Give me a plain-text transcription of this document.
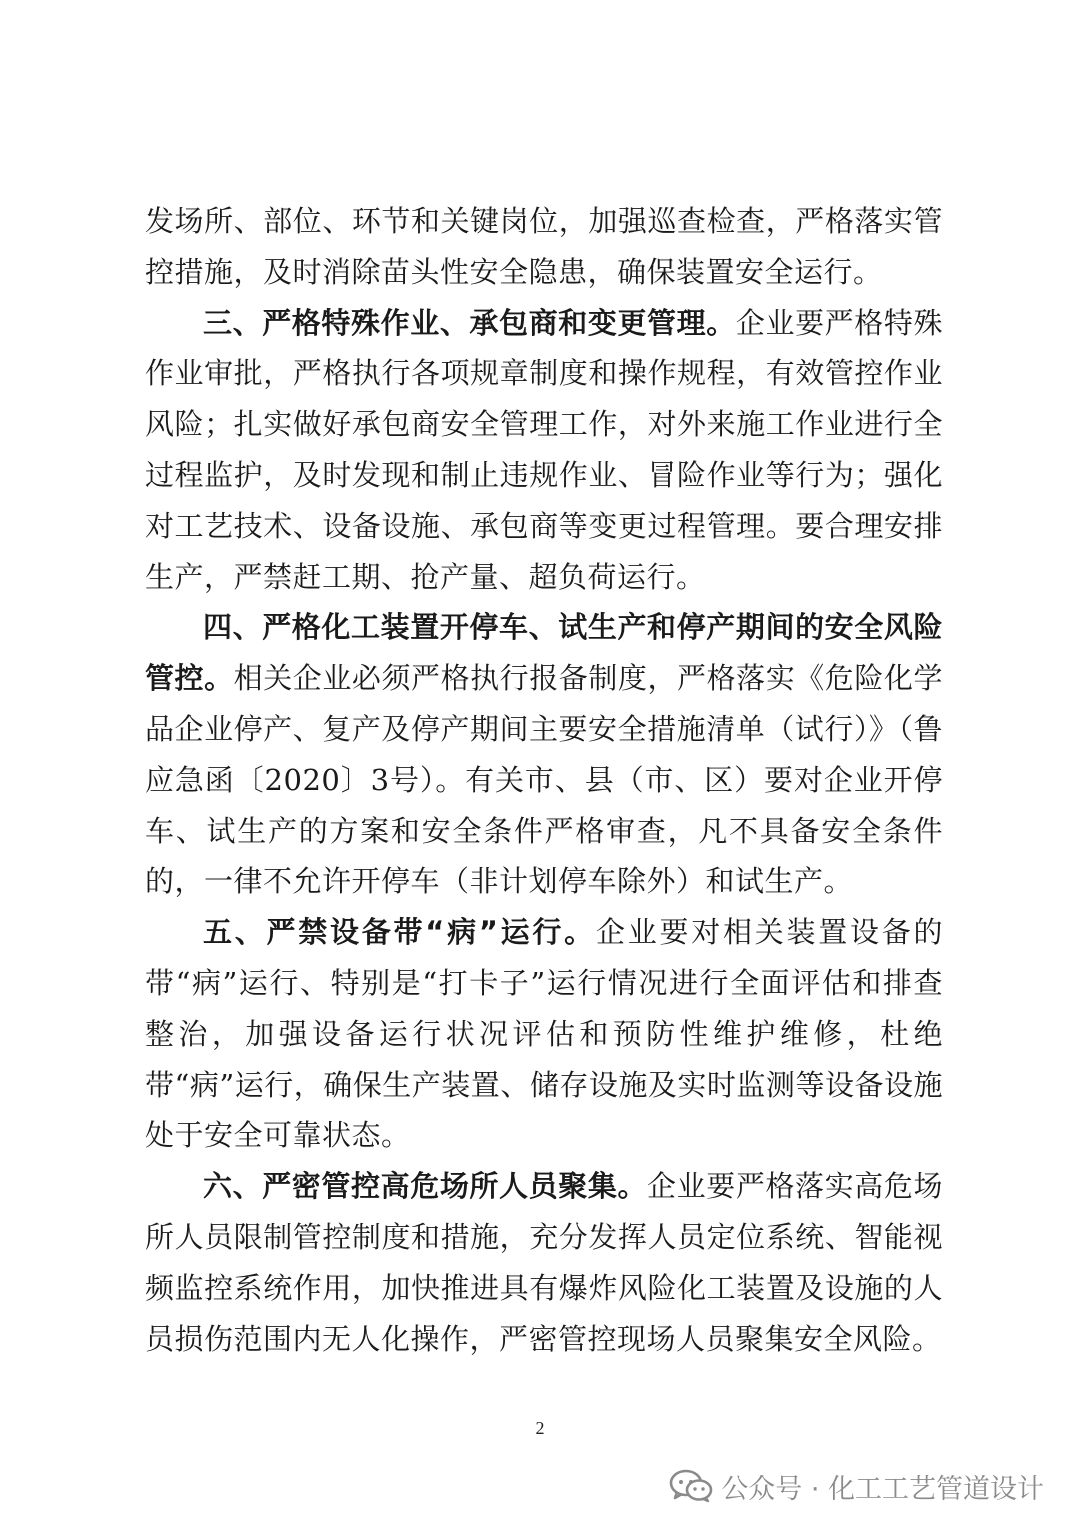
发场所、部位、环节和关键岗位，加强巡查检查，严格落实管控措施，及时消除苗头性安全隐患，确保装置安全运行。

三、严格特殊作业、承包商和变更管理。企业要严格特殊作业审批，严格执行各项规章制度和操作规程，有效管控作业风险；扎实做好承包商安全管理工作，对外来施工作业进行全过程监护，及时发现和制止违规作业、冒险作业等行为；强化对工艺技术、设备设施、承包商等变更过程管理。要合理安排生产，严禁赶工期、抢产量、超负荷运行。

四、严格化工装置开停车、试生产和停产期间的安全风险管控。相关企业必须严格执行报备制度，严格落实《危险化学品企业停产、复产及停产期间主要安全措施清单（试行）》（鲁应急函〔2020〕3号）。有关市、县（市、区）要对企业开停车、试生产的方案和安全条件严格审查，凡不具备安全条件的，一律不允许开停车（非计划停车除外）和试生产。

五、严禁设备带“病”运行。企业要对相关装置设备的带“病”运行、特别是“打卡子”运行情况进行全面评估和排查整治，加强设备运行状况评估和预防性维护维修，杜绝带“病”运行，确保生产装置、储存设施及实时监测等设备设施处于安全可靠状态。

六、严密管控高危场所人员聚集。企业要严格落实高危场所人员限制管控制度和措施，充分发挥人员定位系统、智能视频监控系统作用，加快推进具有爆炸风险化工装置及设施的人员损伤范围内无人化操作，严密管控现场人员聚集安全风险。

2
公众号 · 化工工艺管道设计
